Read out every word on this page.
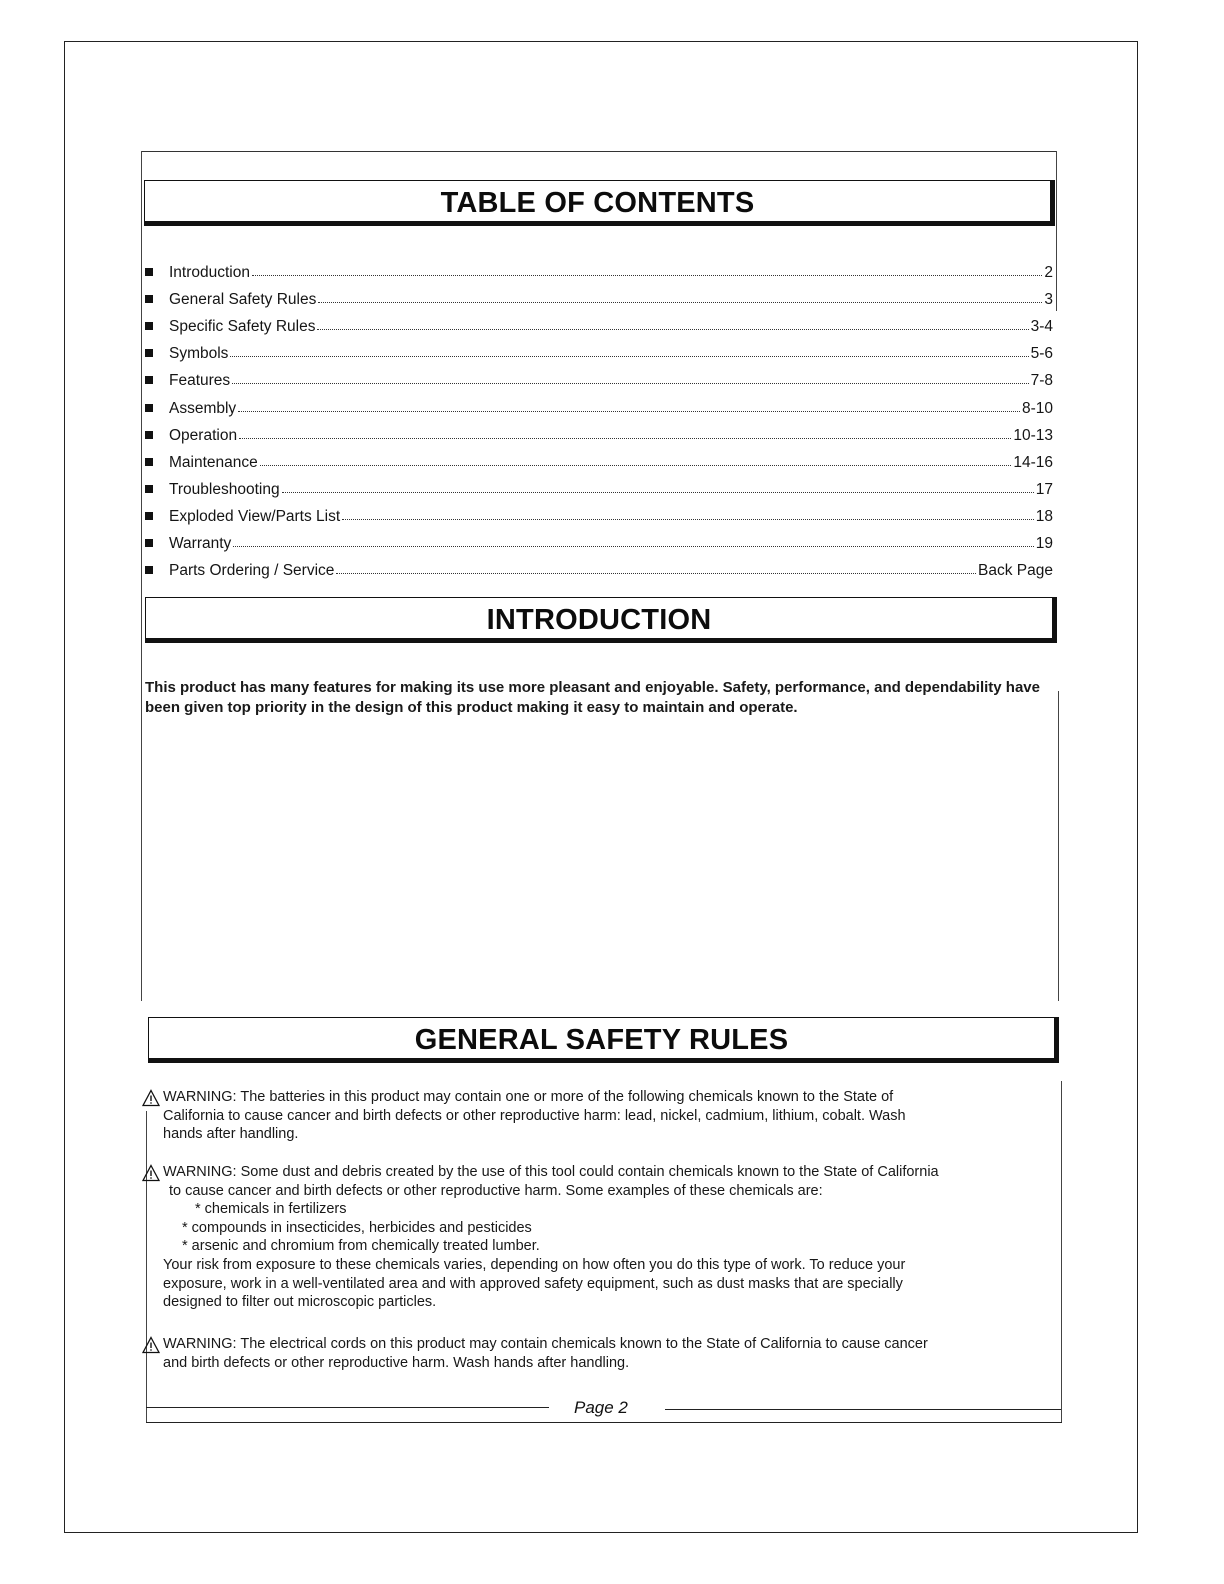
TABLE OF CONTENTS
Introduction	2
General Safety Rules	3
Specific Safety Rules	3-4
Symbols	5-6
Features	7-8
Assembly	8-10
Operation	10-13
Maintenance	14-16
Troubleshooting	17
Exploded View/Parts List	18
Warranty	19
Parts Ordering / Service	Back Page
INTRODUCTION

This product has many features for making its use more pleasant and enjoyable. Safety, performance, and dependability have been given top priority in the design of this product making it easy to maintain and operate.

GENERAL SAFETY RULES

WARNING: The batteries in this product may contain one or more of the following chemicals known to the State of

California to cause cancer and birth defects or other reproductive harm: lead, nickel, cadmium, lithium, cobalt. Wash

hands after handling.

WARNING: Some dust and debris created by the use of this tool could contain chemicals known to the State of California

to cause cancer and birth defects or other reproductive harm. Some examples of these chemicals are:

* chemicals in fertilizers

* compounds in insecticides, herbicides and pesticides

* arsenic and chromium from chemically treated lumber.

Your risk from exposure to these chemicals varies, depending on how often you do this type of work. To reduce your

exposure, work in a well-ventilated area and with approved safety equipment, such as dust masks that are specially

designed to filter out microscopic particles.

WARNING: The electrical cords on this product may contain chemicals known to the State of California to cause cancer

and birth defects or other reproductive harm. Wash hands after handling.

Page 2
